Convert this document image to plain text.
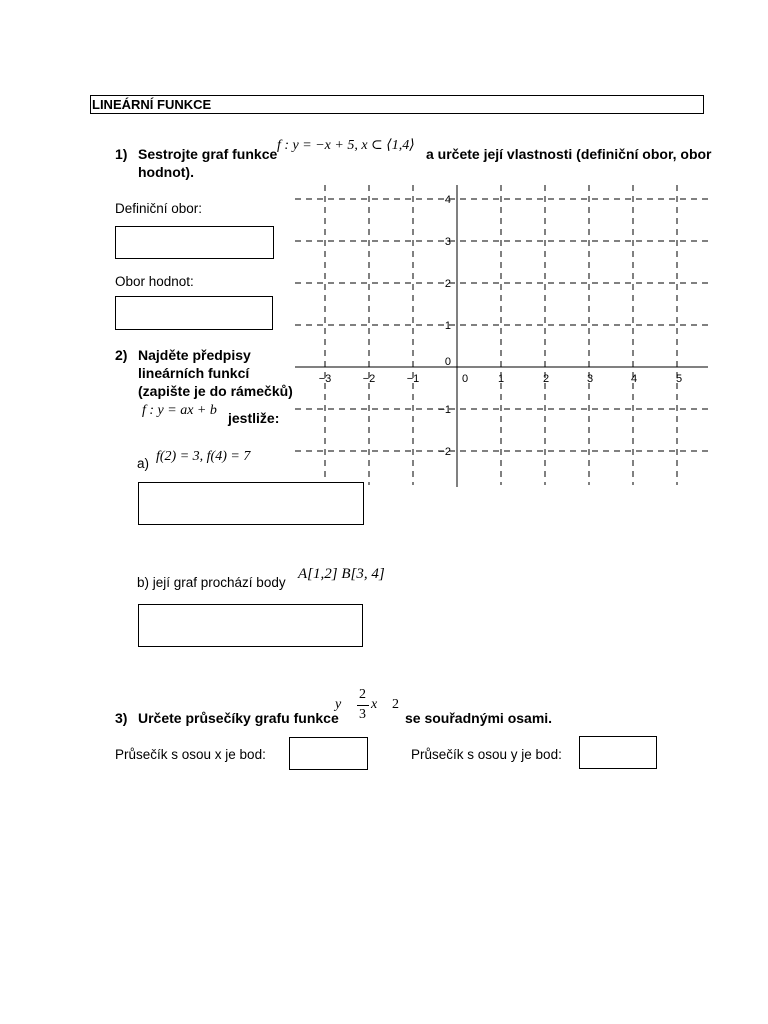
LINEÁRNÍ FUNKCE
1) Sestrojte graf funkce
f : y = −x + 5, x ⊂ ⟨1,4⟩
a určete její vlastnosti (definiční obor, obor
hodnot).
Definiční obor:
Obor hodnot:
−3	−2	−1	0	1	2	3	4	5
4
3
2
1
0
−1
−2
2) Najděte předpisy
lineárních funkcí
(zapište je do rámečků)
f : y = ax + b jestliže:
a) f(2) = 3, f(4) = 7
b) její graf prochází body
A[1,2] B[3, 4]
3) Určete průsečíky grafu funkce
y
2
3
x 2
se souřadnými osami.
Průsečík s osou x je bod:	Průsečík s osou y je bod:
